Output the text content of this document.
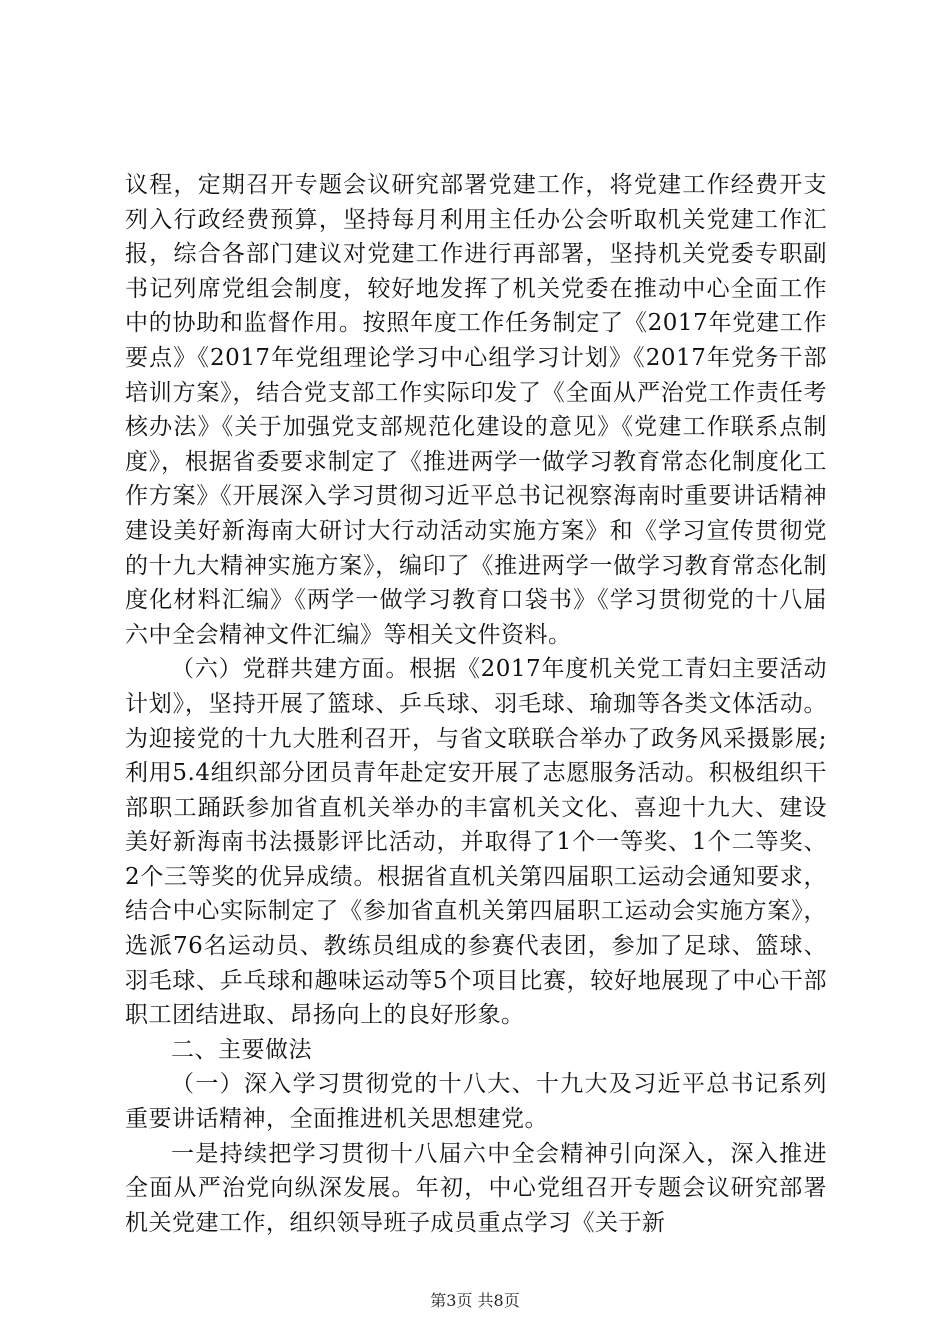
议程，定期召开专题会议研究部署党建工作，将党建工作经费开支列入行政经费预算，坚持每月利用主任办公会听取机关党建工作汇报，综合各部门建议对党建工作进行再部署，坚持机关党委专职副书记列席党组会制度，较好地发挥了机关党委在推动中心全面工作中的协助和监督作用。按照年度工作任务制定了《2017年党建工作要点》《2017年党组理论学习中心组学习计划》《2017年党务干部培训方案》，结合党支部工作实际印发了《全面从严治党工作责任考核办法》《关于加强党支部规范化建设的意见》《党建工作联系点制度》，根据省委要求制定了《推进两学一做学习教育常态化制度化工作方案》《开展深入学习贯彻习近平总书记视察海南时重要讲话精神建设美好新海南大研讨大行动活动实施方案》和《学习宣传贯彻党的十九大精神实施方案》，编印了《推进两学一做学习教育常态化制度化材料汇编》《两学一做学习教育口袋书》《学习贯彻党的十八届六中全会精神文件汇编》等相关文件资料。

（六）党群共建方面。根据《2017年度机关党工青妇主要活动计划》，坚持开展了篮球、乒乓球、羽毛球、瑜珈等各类文体活动。为迎接党的十九大胜利召开，与省文联联合举办了政务风采摄影展;利用5.4组织部分团员青年赴定安开展了志愿服务活动。积极组织干部职工踊跃参加省直机关举办的丰富机关文化、喜迎十九大、建设美好新海南书法摄影评比活动，并取得了1个一等奖、1个二等奖、2个三等奖的优异成绩。根据省直机关第四届职工运动会通知要求，结合中心实际制定了《参加省直机关第四届职工运动会实施方案》，选派76名运动员、教练员组成的参赛代表团，参加了足球、篮球、羽毛球、乒乓球和趣味运动等5个项目比赛，较好地展现了中心干部职工团结进取、昂扬向上的良好形象。

二、主要做法

（一）深入学习贯彻党的十八大、十九大及习近平总书记系列重要讲话精神，全面推进机关思想建党。

一是持续把学习贯彻十八届六中全会精神引向深入，深入推进全面从严治党向纵深发展。年初，中心党组召开专题会议研究部署机关党建工作，组织领导班子成员重点学习《关于新

第3页 共8页
